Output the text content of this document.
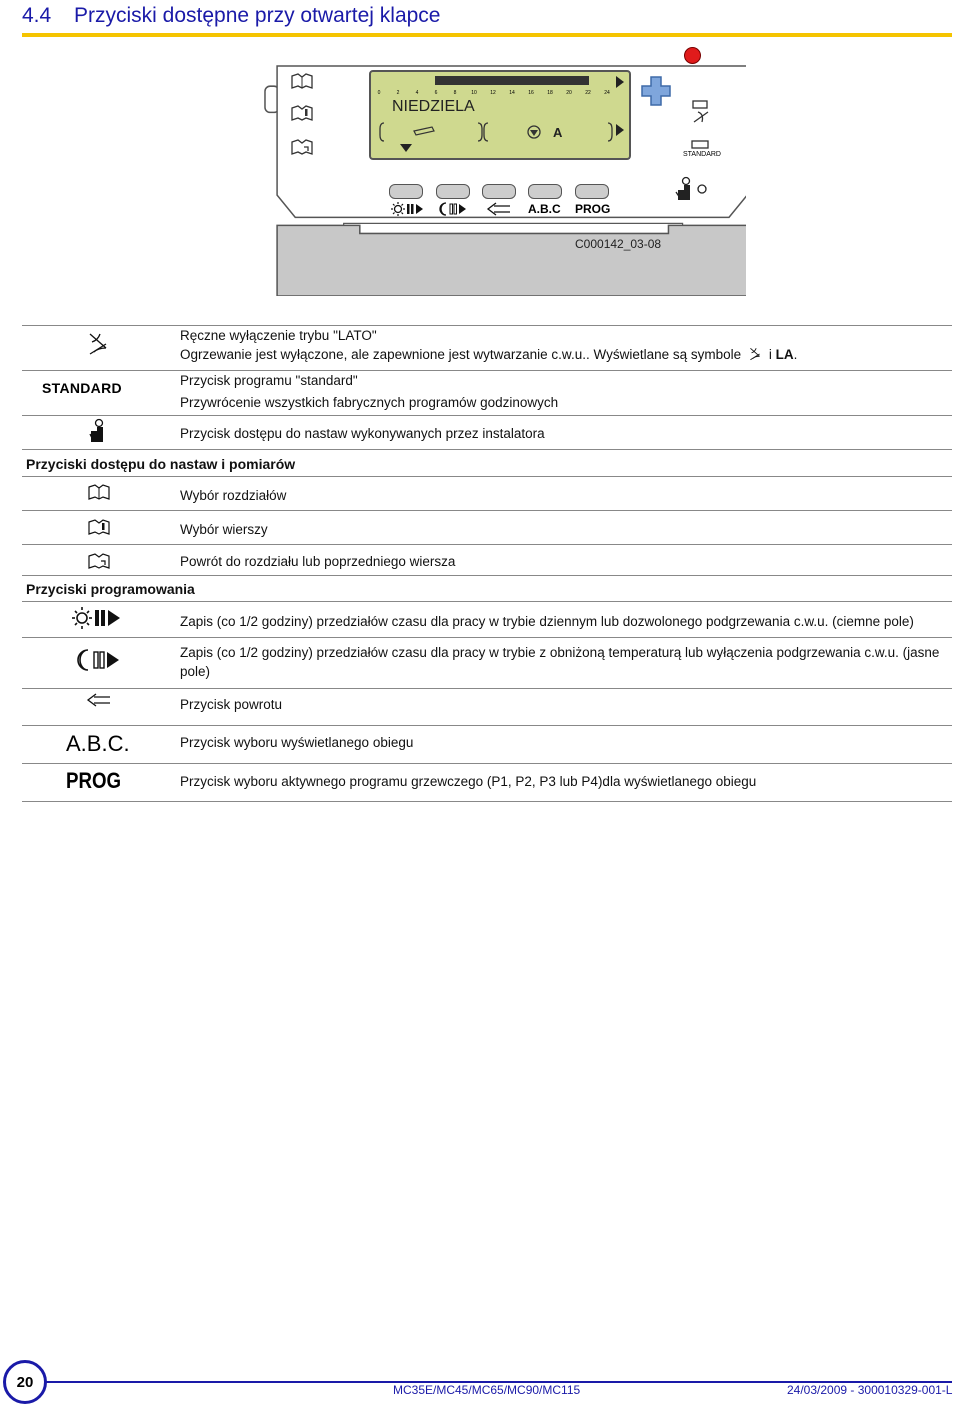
4.4 Przyciski dostępne przy otwartej klapce
0	2	4	6	8	10	12	14	16	18	20	22	24
NIEDZIELA
A
STANDARD
A.B.C PROG
C000142_03-08
Ręczne wyłączenie trybu "LATO"
Ogrzewanie jest wyłączone, ale zapewnione jest wytwarzanie c.w.u.. Wyświetlane są symbole i LA.
STANDARD	Przycisk programu "standard"
Przywrócenie wszystkich fabrycznych programów godzinowych
Przycisk dostępu do nastaw wykonywanych przez instalatora
Przyciski dostępu do nastaw i pomiarów
Wybór rozdziałów
Wybór wierszy
Powrót do rozdziału lub poprzedniego wiersza
Przyciski programowania
Zapis (co 1/2 godziny) przedziałów czasu dla pracy w trybie dziennym lub dozwolonego podgrzewania c.w.u. (ciemne pole)
Zapis (co 1/2 godziny) przedziałów czasu dla pracy w trybie z obniżoną temperaturą lub wyłączenia podgrzewania c.w.u. (jasne pole)
Przycisk powrotu
A.B.C.	Przycisk wyboru wyświetlanego obiegu
PROG	Przycisk wyboru aktywnego programu grzewczego (P1, P2, P3 lub P4)dla wyświetlanego obiegu
20	MC35E/MC45/MC65/MC90/MC115	24/03/2009 - 300010329-001-L
